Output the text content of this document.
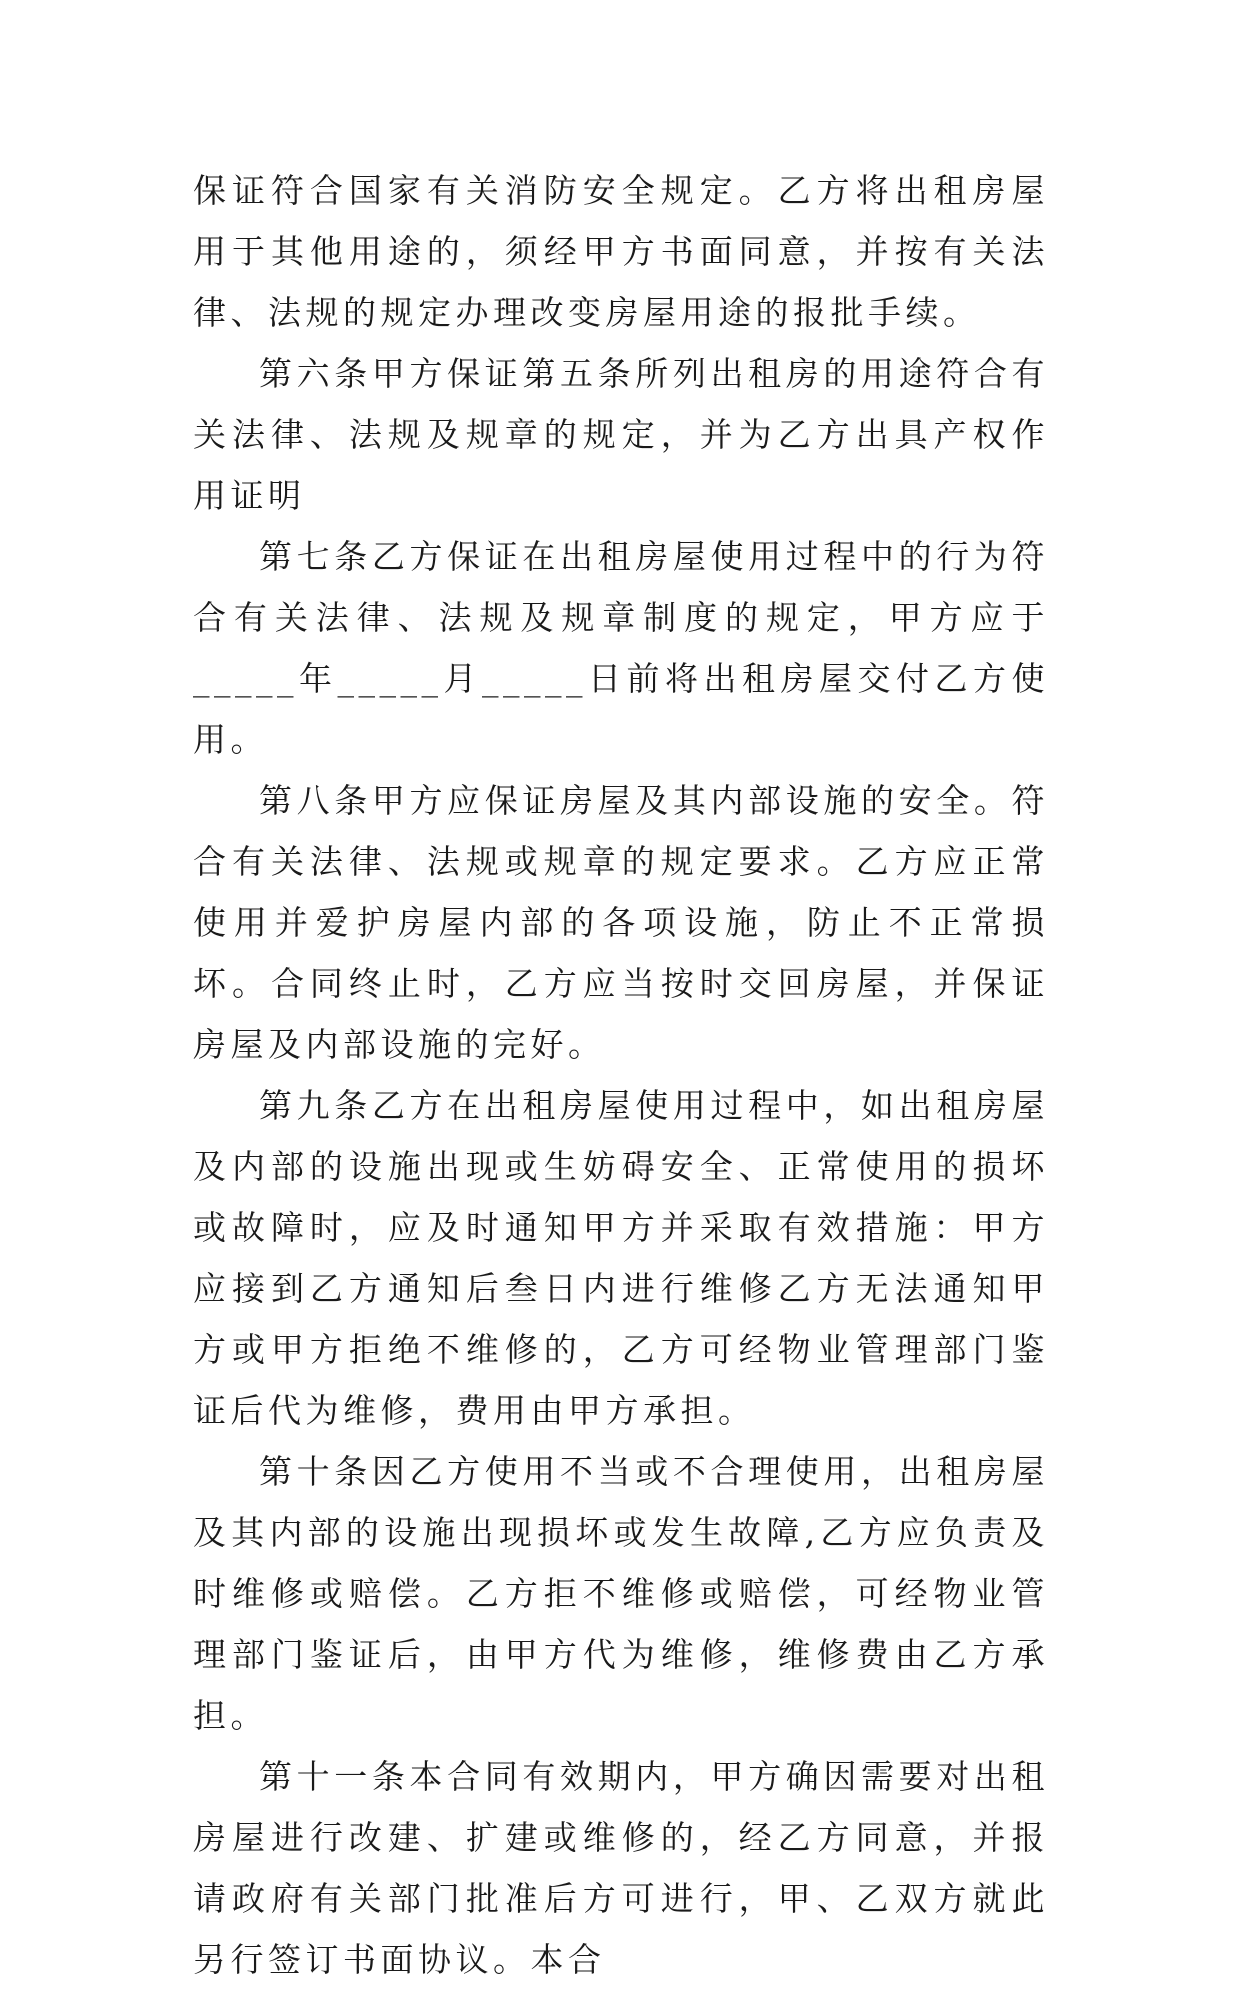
保证符合国家有关消防安全规定。乙方将出租房屋用于其他用途的，须经甲方书面同意，并按有关法律、法规的规定办理改变房屋用途的报批手续。

第六条甲方保证第五条所列出租房的用途符合有关法律、法规及规章的规定，并为乙方出具产权作用证明

第七条乙方保证在出租房屋使用过程中的行为符合有关法律、法规及规章制度的规定，甲方应于_____年_____月_____日前将出租房屋交付乙方使用。

第八条甲方应保证房屋及其内部设施的安全。符合有关法律、法规或规章的规定要求。乙方应正常使用并爱护房屋内部的各项设施，防止不正常损坏。合同终止时，乙方应当按时交回房屋，并保证房屋及内部设施的完好。

第九条乙方在出租房屋使用过程中，如出租房屋及内部的设施出现或生妨碍安全、正常使用的损坏或故障时，应及时通知甲方并采取有效措施：甲方应接到乙方通知后叁日内进行维修乙方无法通知甲方或甲方拒绝不维修的，乙方可经物业管理部门鉴证后代为维修，费用由甲方承担。

第十条因乙方使用不当或不合理使用，出租房屋及其内部的设施出现损坏或发生故障,乙方应负责及时维修或赔偿。乙方拒不维修或赔偿，可经物业管理部门鉴证后，由甲方代为维修，维修费由乙方承担。

第十一条本合同有效期内，甲方确因需要对出租房屋进行改建、扩建或维修的，经乙方同意，并报请政府有关部门批准后方可进行，甲、乙双方就此另行签订书面协议。本合
